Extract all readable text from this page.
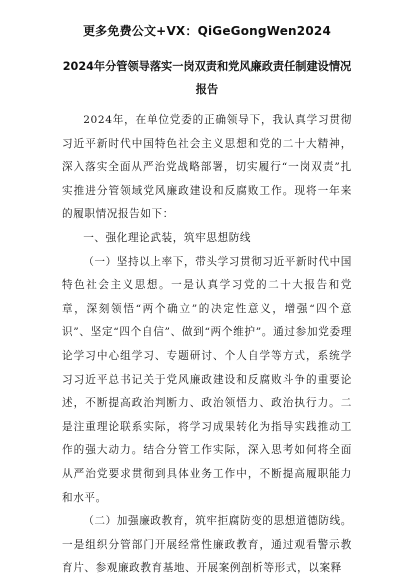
更多免费公文+VX：QiGeGongWen2024
2024年分管领导落实一岗双责和党风廉政责任制建设情况
报告

2024年，在单位党委的正确领导下，我认真学习贯彻习近平新时代中国特色社会主义思想和党的二十大精神，深入落实全面从严治党战略部署，切实履行“一岗双责”扎实推进分管领域党风廉政建设和反腐败工作。现将一年来的履职情况报告如下：

一、强化理论武装，筑牢思想防线

（一）坚持以上率下，带头学习贯彻习近平新时代中国特色社会主义思想。一是认真学习党的二十大报告和党章，深刻领悟“两个确立”的决定性意义，增强“四个意识”、坚定“四个自信”、做到“两个维护”。通过参加党委理论学习中心组学习、专题研讨、个人自学等方式，系统学习习近平总书记关于党风廉政建设和反腐败斗争的重要论述，不断提高政治判断力、政治领悟力、政治执行力。二是注重理论联系实际，将学习成果转化为指导实践推动工作的强大动力。结合分管工作实际，深入思考如何将全面从严治党要求贯彻到具体业务工作中，不断提高履职能力和水平。

（二）加强廉政教育，筑牢拒腐防变的思想道德防线。一是组织分管部门开展经常性廉政教育，通过观看警示教育片、参观廉政教育基地、开展案例剖析等形式，以案释
